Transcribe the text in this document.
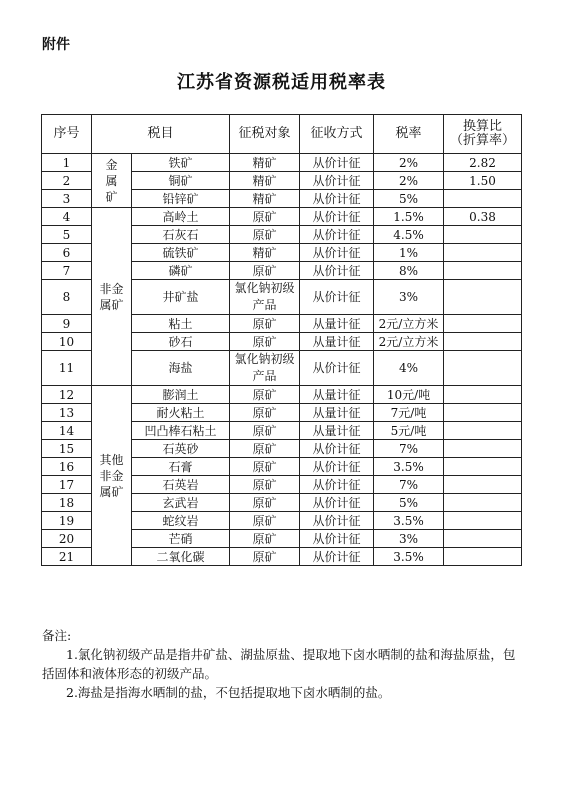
附件
江苏省资源税适用税率表
序号	税目		征税对象	征收方式	税率	换算比
（折算率）
1	金属矿	铁矿	精矿	从价计征	2%	2.82
2		铜矿	精矿	从价计征	2%	1.50
3		铅锌矿	精矿	从价计征	5%	
4	非金属矿	高岭土	原矿	从价计征	1.5%	0.38
5		石灰石	原矿	从价计征	4.5%	
6		硫铁矿	精矿	从价计征	1%	
7		磷矿	原矿	从价计征	8%	
8		井矿盐	氯化钠初级产品	从价计征	3%	
9		粘土	原矿	从量计征	2元/立方米	
10		砂石	原矿	从量计征	2元/立方米	
11		海盐	氯化钠初级产品	从价计征	4%	
12	其他非金属矿	膨润土	原矿	从量计征	10元/吨	
13		耐火粘土	原矿	从量计征	7元/吨	
14		凹凸棒石粘土	原矿	从量计征	5元/吨	
15		石英砂	原矿	从价计征	7%	
16		石膏	原矿	从价计征	3.5%	
17		石英岩	原矿	从价计征	7%	
18		玄武岩	原矿	从价计征	5%	
19		蛇纹岩	原矿	从价计征	3.5%	
20		芒硝	原矿	从价计征	3%	
21		二氧化碳	原矿	从价计征	3.5%	

备注:

1.氯化钠初级产品是指井矿盐、湖盐原盐、提取地下卤水晒制的盐和海盐原盐，包括固体和液体形态的初级产品。

2.海盐是指海水晒制的盐，不包括提取地下卤水晒制的盐。
